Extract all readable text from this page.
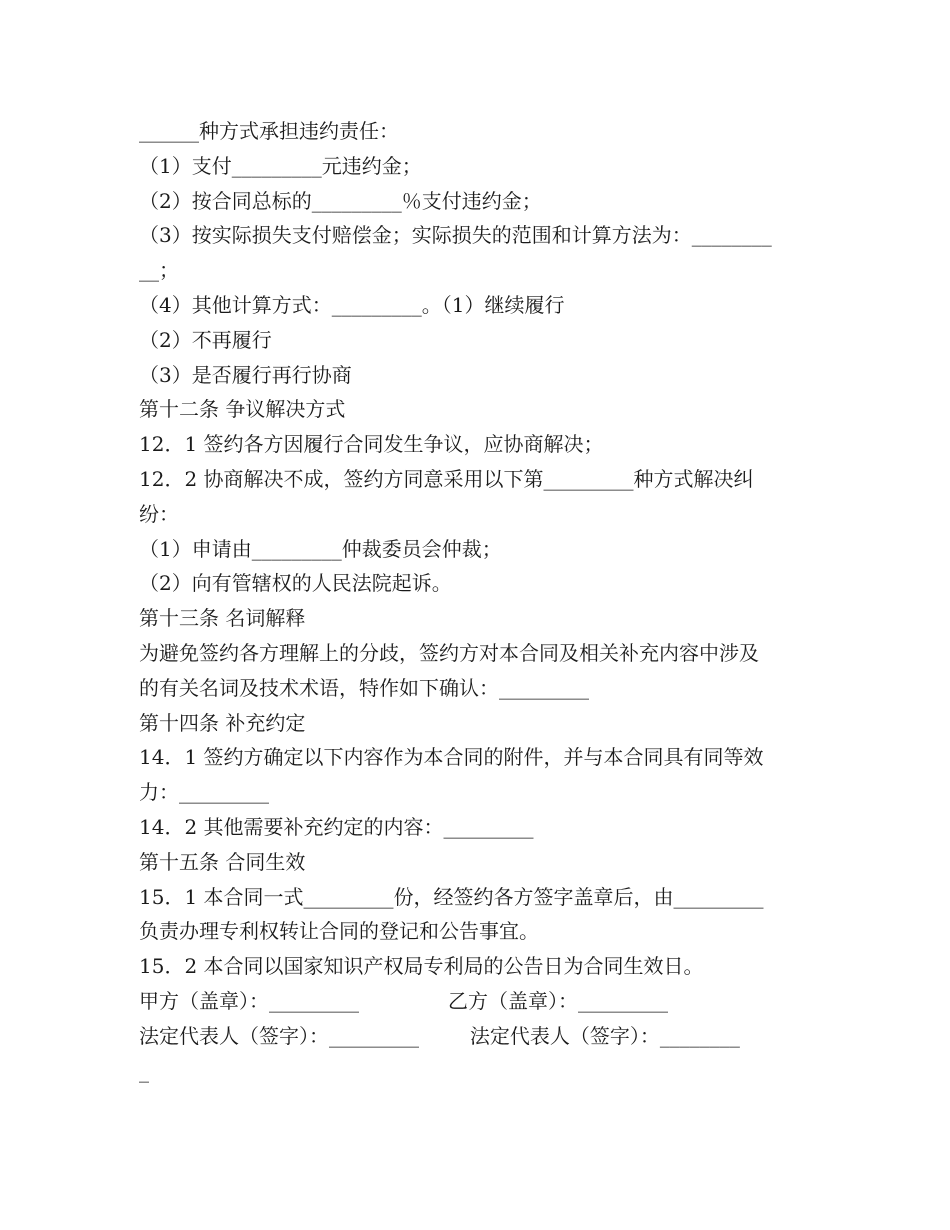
______种方式承担违约责任：
（1）支付_________元违约金；
（2）按合同总标的_________％支付违约金；
（3）按实际损失支付赔偿金；实际损失的范围和计算方法为：________
__；
（4）其他计算方式：_________。（1）继续履行
（2）不再履行
（3）是否履行再行协商
第十二条 争议解决方式
12．1 签约各方因履行合同发生争议，应协商解决；
12．2 协商解决不成，签约方同意采用以下第_________种方式解决纠
纷：
（1）申请由_________仲裁委员会仲裁；
（2）向有管辖权的人民法院起诉。
第十三条 名词解释
为避免签约各方理解上的分歧，签约方对本合同及相关补充内容中涉及
的有关名词及技术术语，特作如下确认：_________
第十四条 补充约定
14．1 签约方确定以下内容作为本合同的附件，并与本合同具有同等效
力：_________
14．2 其他需要补充约定的内容：_________
第十五条 合同生效
15．1 本合同一式_________份，经签约各方签字盖章后，由_________
负责办理专利权转让合同的登记和公告事宜。
15．2 本合同以国家知识产权局专利局的公告日为合同生效日。
甲方（盖章）：_________              乙方（盖章）：_________
法定代表人（签字）：_________        法定代表人（签字）：________
_
